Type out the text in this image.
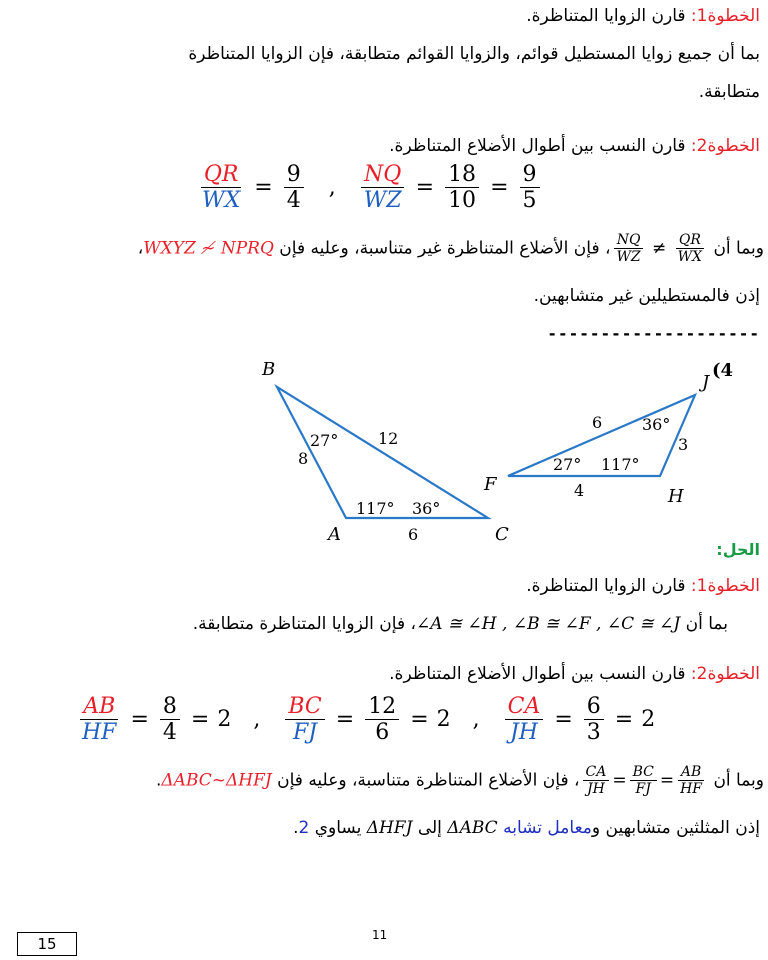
الخطوة1: قارن الزوايا المتناظرة.
بما أن جميع زوايا المستطيل قوائم، والزوايا القوائم متطابقة، فإن الزوايا المتناظرة
متطابقة.
الخطوة2: قارن النسب بين أطوال الأضلاع المتناظرة.
$\frac{QR}{WX} = \frac{9}{4}$ , $\frac{NQ}{WZ} = \frac{18}{10} = \frac{9}{5}$
وبما أن
$\frac{QR}{WX}$
≠
$\frac{NQ}{WZ}$
، فإن الأضلاع المتناظرة غير متناسبة، وعليه فإن WXYZ ≁ NPRQ،
إذن فالمستطيلين غير متشابهين.
--------------------
B
A	C
J
F
H
27°
117° 36°
8
12
6
36°
27° 117°
6
3
4
(4
الحل:
الخطوة1: قارن الزوايا المتناظرة.
بما أن ∠A ≅ ∠H , ∠B ≅ ∠F , ∠C ≅ ∠J، فإن الزوايا المتناظرة متطابقة.
الخطوة2: قارن النسب بين أطوال الأضلاع المتناظرة.
$\frac{AB}{HF} = \frac{8}{4} = 2$ , $\frac{BC}{FJ} = \frac{12}{6} = 2$ , $\frac{CA}{JH} = \frac{6}{3} = 2$
وبما أن
$\frac{AB}{HF}$
=
$\frac{BC}{FJ}$
=
$\frac{CA}{JH}$
، فإن الأضلاع المتناظرة متناسبة، وعليه فإن ΔABC~ΔHFJ.
إذن المثلثين متشابهين ومعامل تشابه ΔABC إلى ΔHFJ يساوي 2.
11
15
